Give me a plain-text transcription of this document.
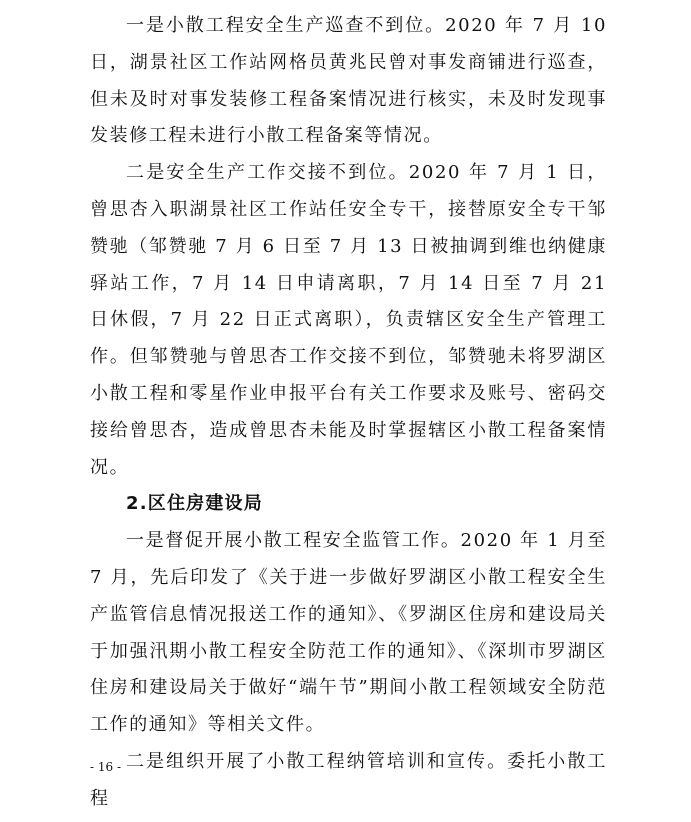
一是小散工程安全生产巡查不到位。2020 年 7 月 10 日，湖景社区工作站网格员黄兆民曾对事发商铺进行巡查，但未及时对事发装修工程备案情况进行核实，未及时发现事发装修工程未进行小散工程备案等情况。

二是安全生产工作交接不到位。2020 年 7 月 1 日，曾思杏入职湖景社区工作站任安全专干，接替原安全专干邹赞驰（邹赞驰 7 月 6 日至 7 月 13 日被抽调到维也纳健康驿站工作，7 月 14 日申请离职，7 月 14 日至 7 月 21 日休假，7 月 22 日正式离职），负责辖区安全生产管理工作。但邹赞驰与曾思杏工作交接不到位，邹赞驰未将罗湖区小散工程和零星作业申报平台有关工作要求及账号、密码交接给曾思杏，造成曾思杏未能及时掌握辖区小散工程备案情况。

2.区住房建设局

一是督促开展小散工程安全监管工作。2020 年 1 月至 7 月，先后印发了《关于进一步做好罗湖区小散工程安全生产监管信息情况报送工作的通知》、《罗湖区住房和建设局关于加强汛期小散工程安全防范工作的通知》、《深圳市罗湖区住房和建设局关于做好“端午节”期间小散工程领域安全防范工作的通知》等相关文件。

二是组织开展了小散工程纳管培训和宣传。委托小散工程

- 16 -
